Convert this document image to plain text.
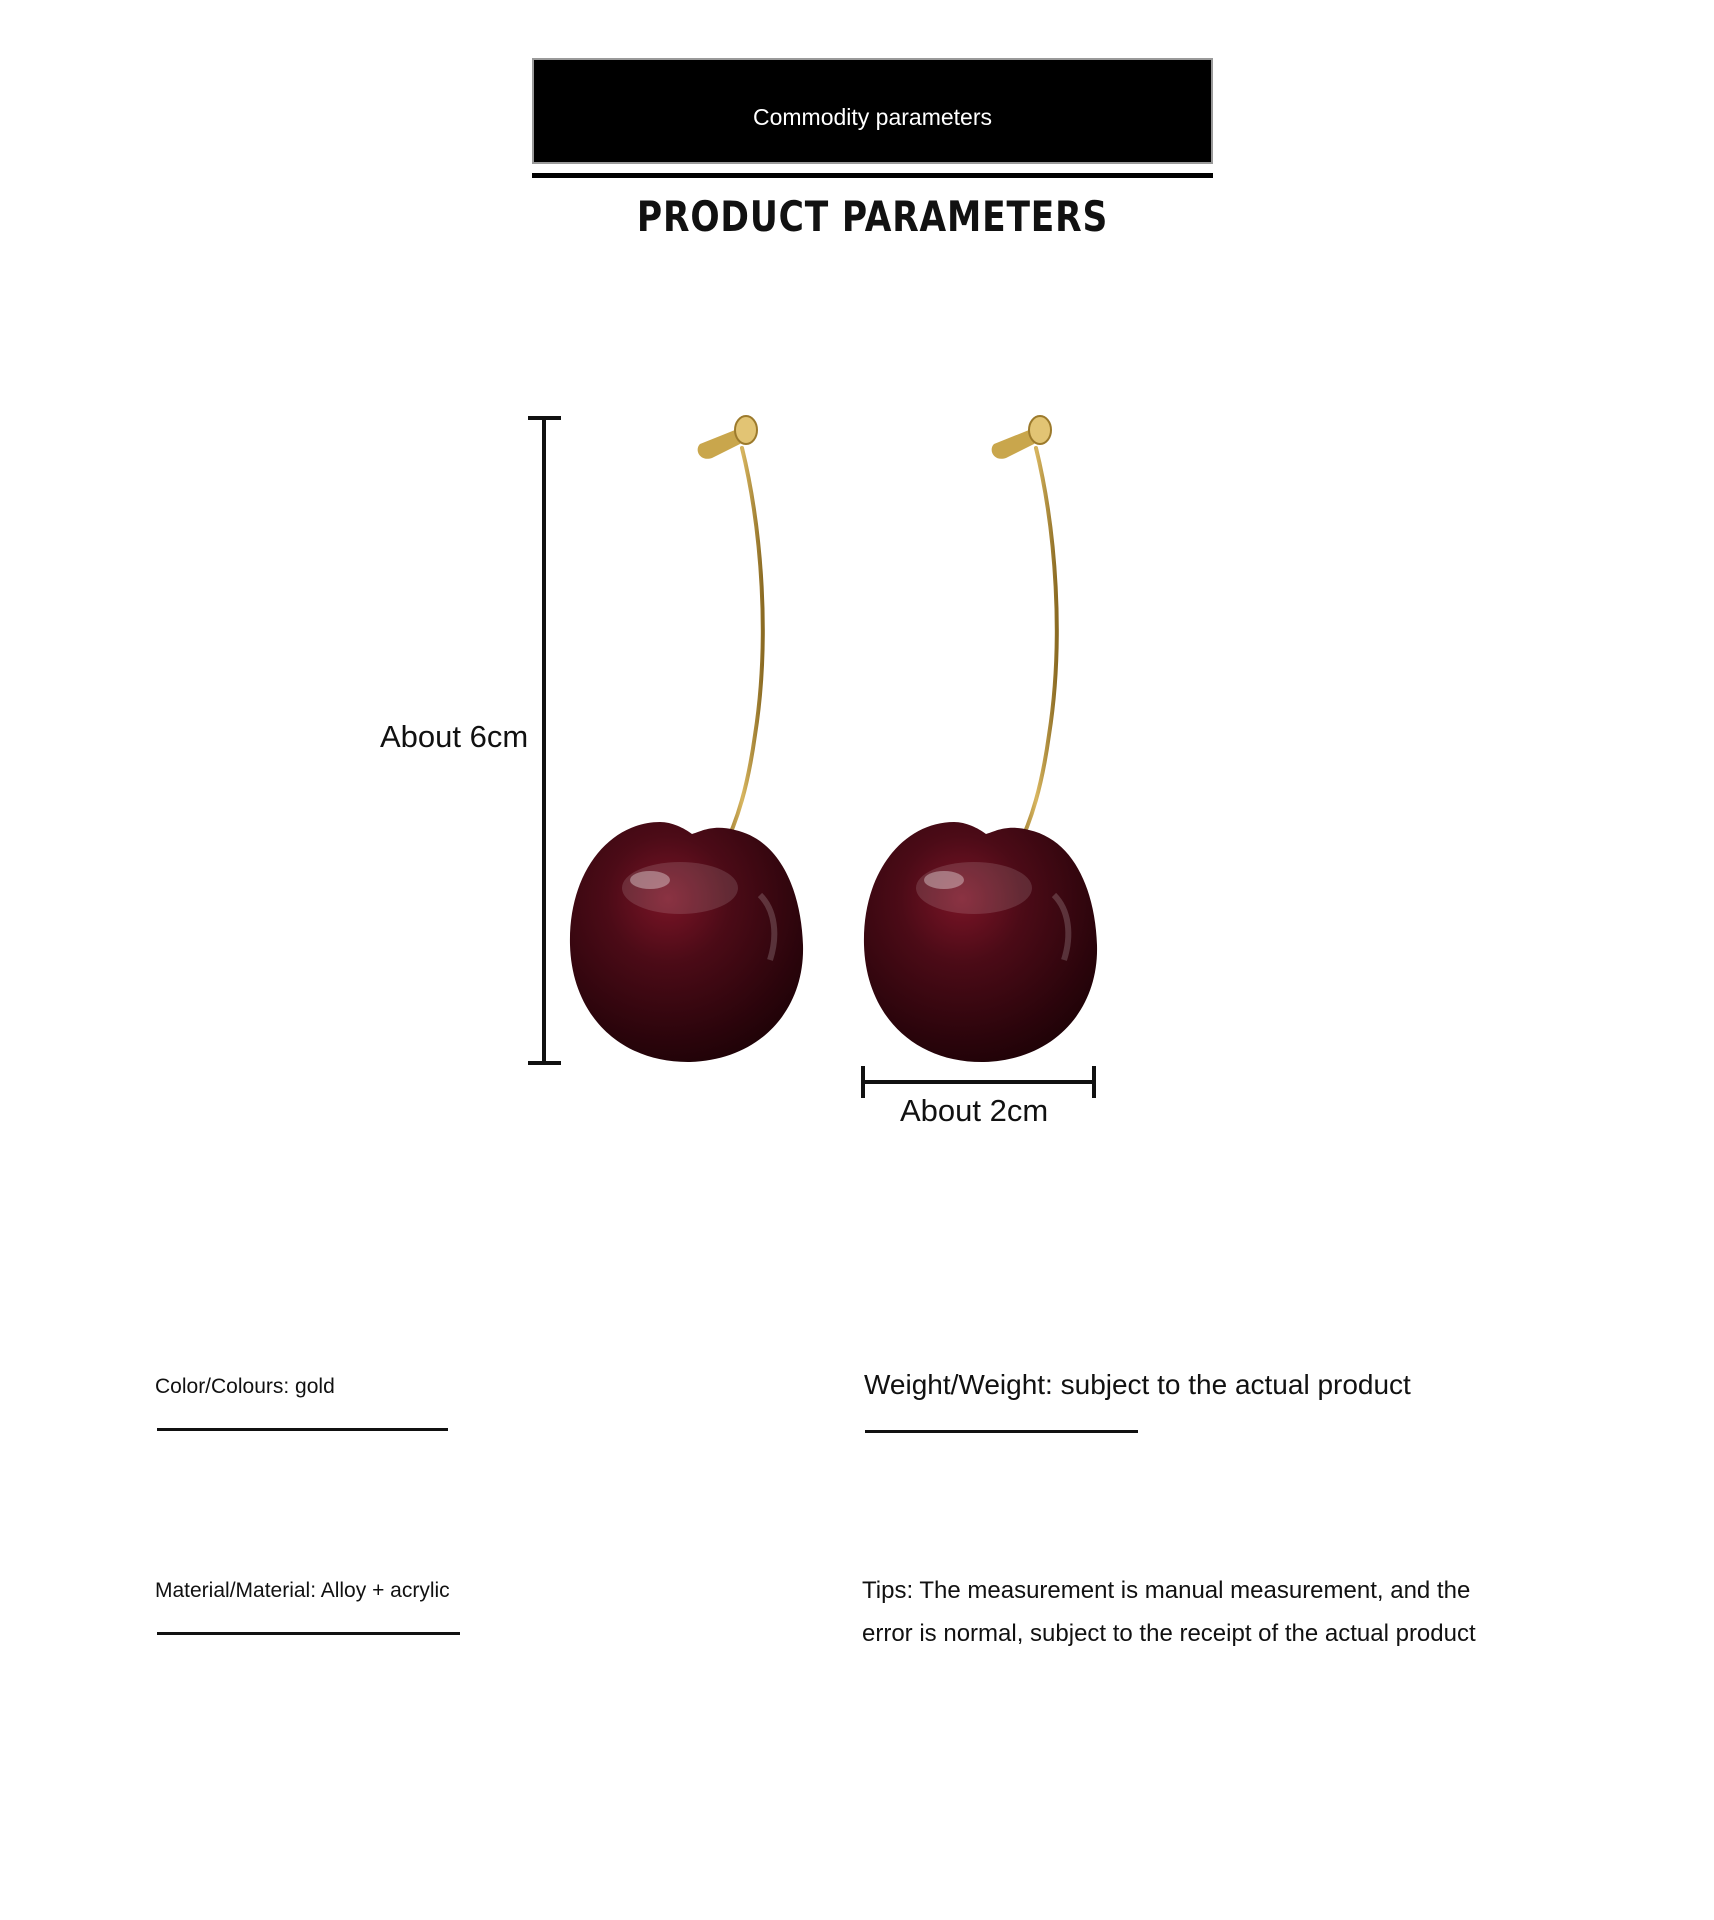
Commodity parameters
PRODUCT PARAMETERS
About 6cm
About 2cm
Color/Colours: gold
Material/Material: Alloy + acrylic
Weight/Weight: subject to the actual product
Tips: The measurement is manual measurement, and the error is normal, subject to the receipt of the actual product
